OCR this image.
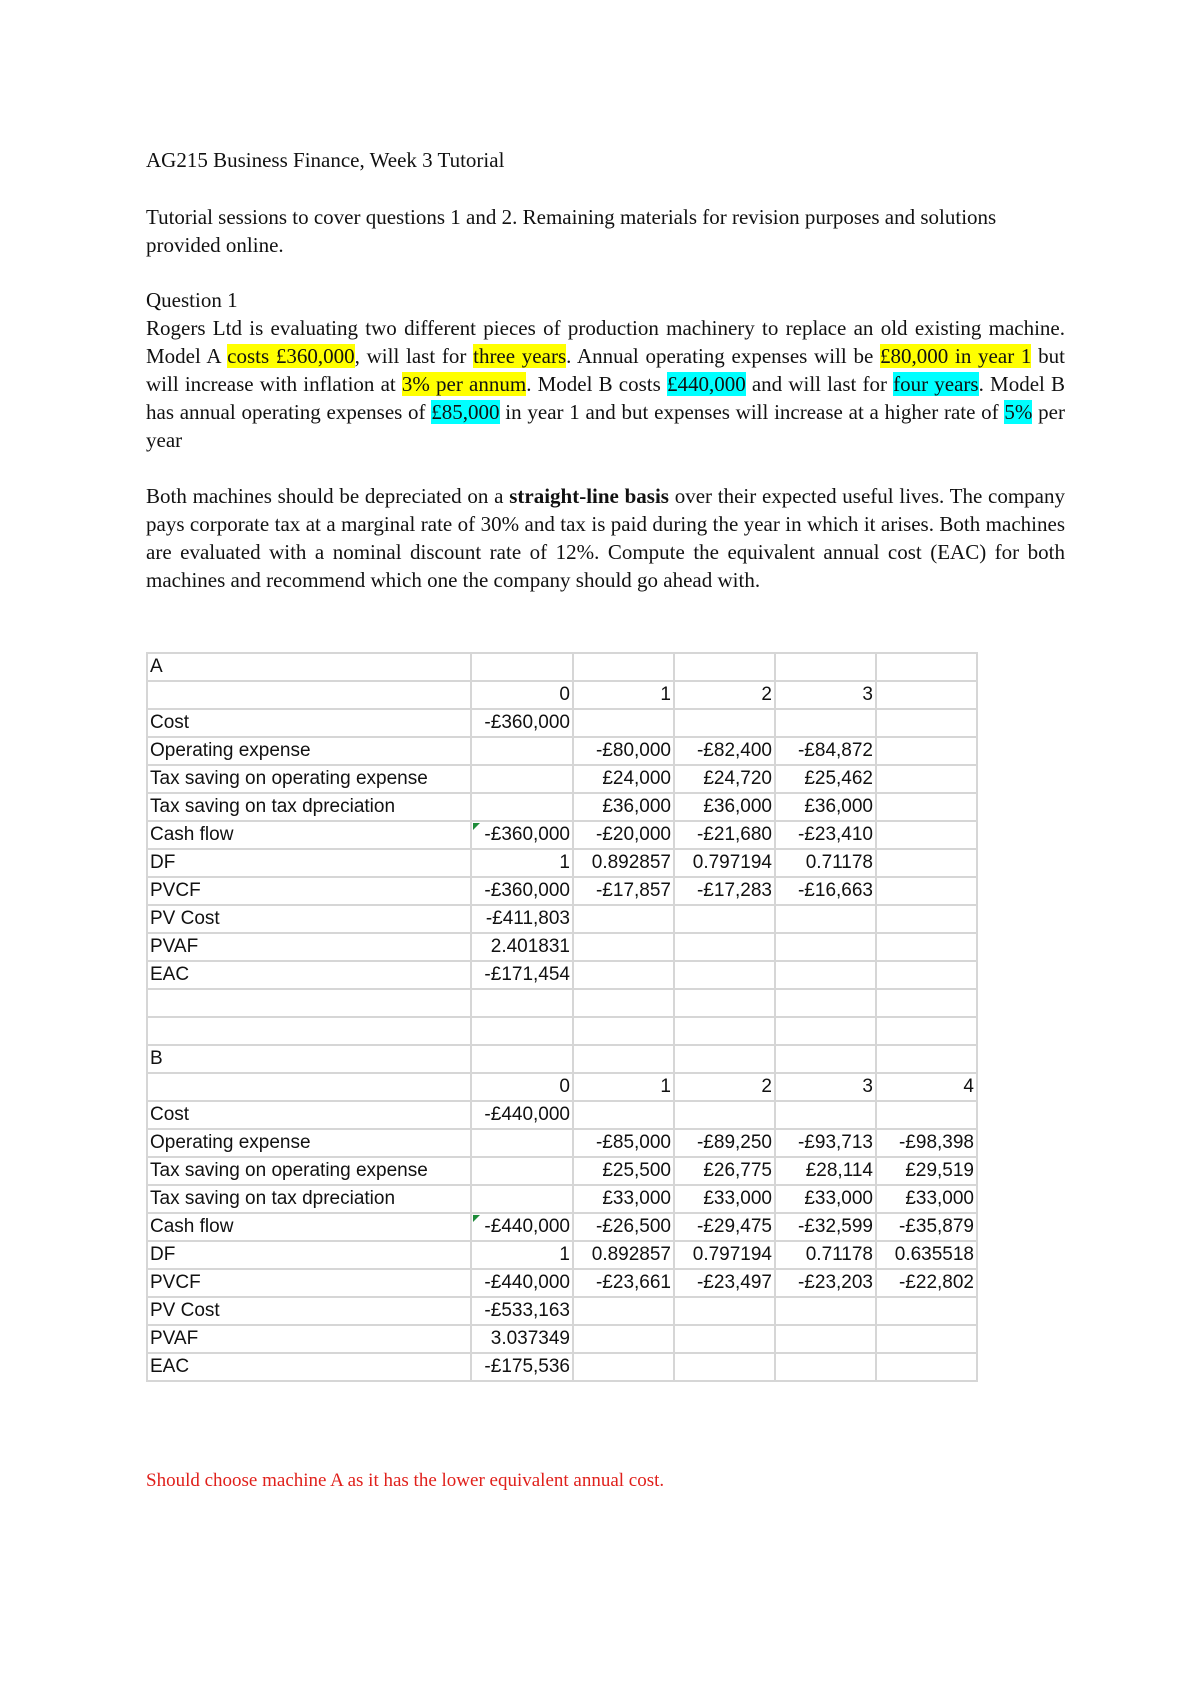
AG215 Business Finance, Week 3 Tutorial
Tutorial sessions to cover questions 1 and 2. Remaining materials for revision purposes and solutions provided online.
Question 1
Rogers Ltd is evaluating two different pieces of production machinery to replace an old existing machine. Model A costs £360,000, will last for three years. Annual operating expenses will be £80,000 in year 1 but will increase with inflation at 3% per annum. Model B costs £440,000 and will last for four years. Model B has annual operating expenses of £85,000 in year 1 and but expenses will increase at a higher rate of 5% per year
Both machines should be depreciated on a straight-line basis over their expected useful lives. The company pays corporate tax at a marginal rate of 30% and tax is paid during the year in which it arises. Both machines are evaluated with a nominal discount rate of 12%. Compute the equivalent annual cost (EAC) for both machines and recommend which one the company should go ahead with.
A					
	0	1	2	3	
Cost	-£360,000				
Operating expense		-£80,000	-£82,400	-£84,872	
Tax saving on operating expense		£24,000	£24,720	£25,462	
Tax saving on tax dpreciation		£36,000	£36,000	£36,000	
Cash flow	-£360,000	-£20,000	-£21,680	-£23,410	
DF	1	0.892857	0.797194	0.71178	
PVCF	-£360,000	-£17,857	-£17,283	-£16,663	
PV Cost	-£411,803				
PVAF	2.401831				
EAC	-£171,454				

B					
	0	1	2	3	4
Cost	-£440,000				
Operating expense		-£85,000	-£89,250	-£93,713	-£98,398
Tax saving on operating expense		£25,500	£26,775	£28,114	£29,519
Tax saving on tax dpreciation		£33,000	£33,000	£33,000	£33,000
Cash flow	-£440,000	-£26,500	-£29,475	-£32,599	-£35,879
DF	1	0.892857	0.797194	0.71178	0.635518
PVCF	-£440,000	-£23,661	-£23,497	-£23,203	-£22,802
PV Cost	-£533,163				
PVAF	3.037349				
EAC	-£175,536				
Should choose machine A as it has the lower equivalent annual cost.
